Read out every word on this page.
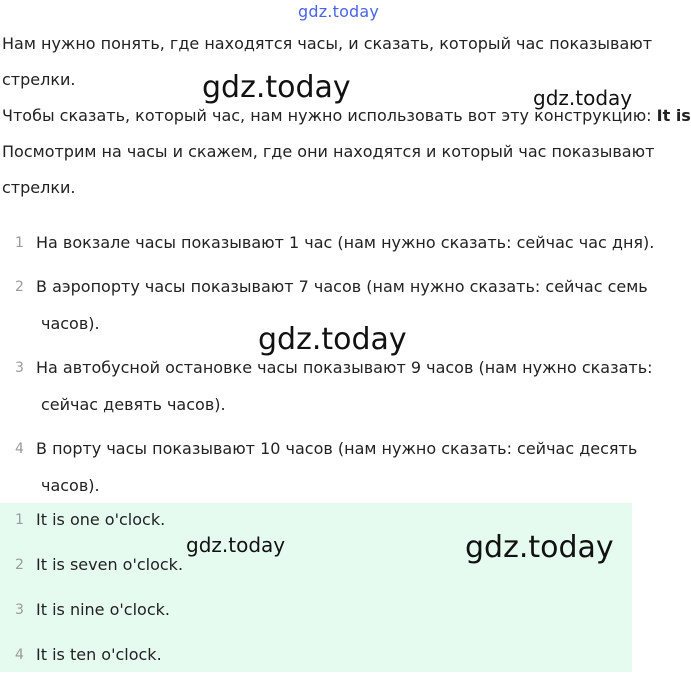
gdz.today

Нам нужно понять, где находятся часы, и сказать, который час показывают

стрелки.

Чтобы сказать, который час, нам нужно использовать вот эту конструкцию: It is

Посмотрим на часы и скажем, где они находятся и который час показывают

стрелки.

1 На вокзале часы показывают 1 час (нам нужно сказать: сейчас час дня).
2 В аэропорту часы показывают 7 часов (нам нужно сказать: сейчас семь
часов).
3 На автобусной остановке часы показывают 9 часов (нам нужно сказать:
сейчас девять часов).
4 В порту часы показывают 10 часов (нам нужно сказать: сейчас десять
часов).
1 It is one o'clock.
2 It is seven o'clock.
3 It is nine o'clock.
4 It is ten o'clock.
gdz.today	gdz.today
gdz.today
gdz.today	gdz.today
